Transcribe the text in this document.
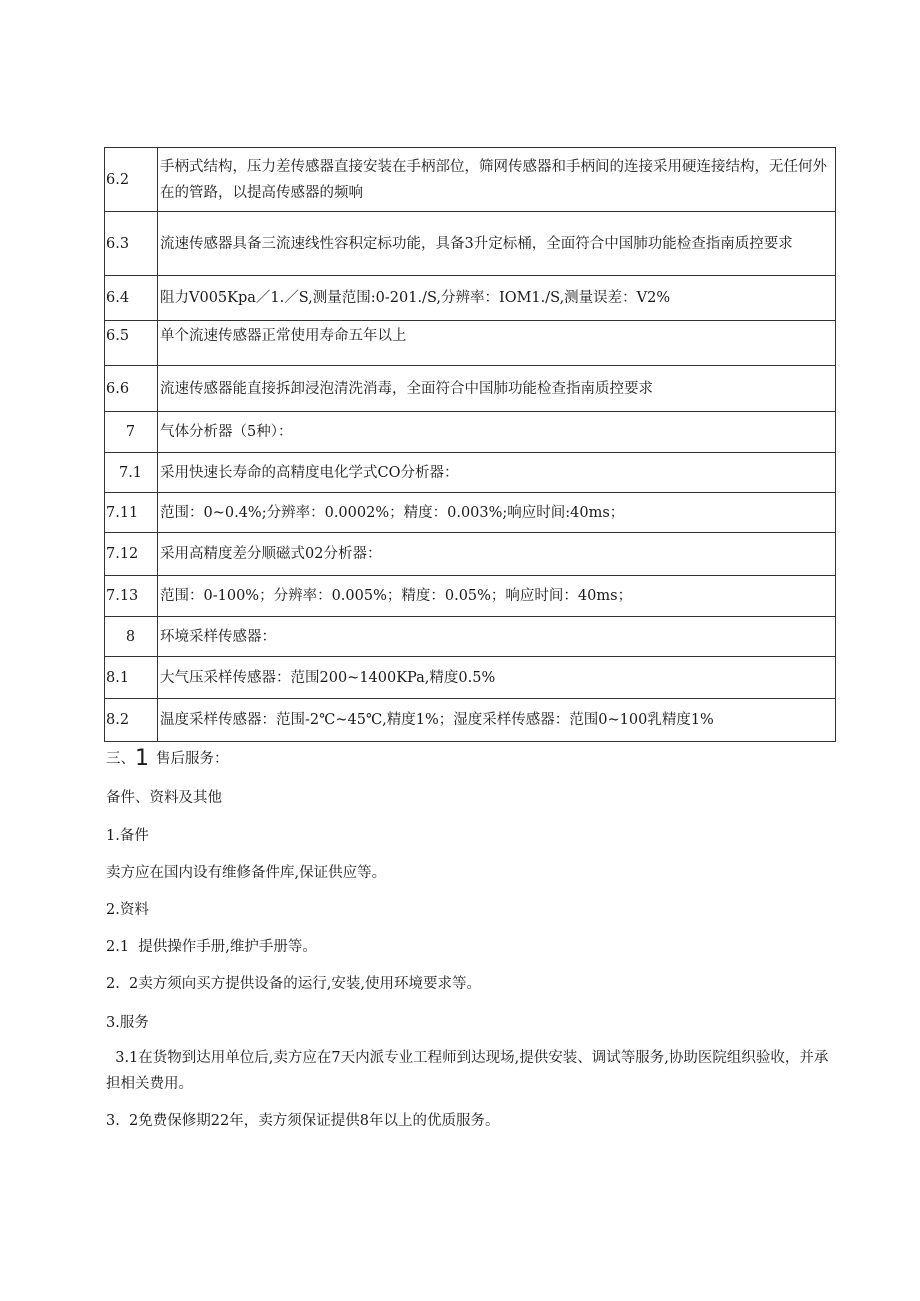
6.2	手柄式结构，压力差传感器直接安装在手柄部位，筛网传感器和手柄间的连接采用硬连接结构，无任何外在的管路，以提高传感器的频响
6.3	流速传感器具备三流速线性容积定标功能，具备3升定标桶，全面符合中国肺功能检查指南质控要求
6.4	阻力V005Kpa／1.／S,测量范围:0-201./S,分辨率：IOM1./S,测量误差：V2%
6.5	单个流速传感器正常使用寿命五年以上
6.6	流速传感器能直接拆卸浸泡清洗消毒，全面符合中国肺功能检查指南质控要求
7	气体分析器（5种）：
7.1	采用快速长寿命的高精度电化学式CO分析器：
7.11	范围：0~0.4%;分辨率：0.0002%；精度：0.003%;响应时间:40ms；
7.12	采用高精度差分顺磁式02分析器：
7.13	范围：0-100%；分辨率：0.005%；精度：0.05%；响应时间：40ms；
8	环境采样传感器：
8.1	大气压采样传感器：范围200~1400KPa,精度0.5%
8.2	温度采样传感器：范围-2℃~45℃,精度1%；湿度采样传感器：范围0~100乳精度1%
三、1 售后服务：
备件、资料及其他
1.备件
卖方应在国内设有维修备件库,保证供应等。
2.资料
2.1  提供操作手册,维护手册等。
2.  2卖方须向买方提供设备的运行,安装,使用环境要求等。
3.服务
3.1在货物到达用单位后,卖方应在7天内派专业工程师到达现场,提供安装、调试等服务,协助医院组织验收，并承担相关费用。
3.  2免费保修期22年，卖方须保证提供8年以上的优质服务。
